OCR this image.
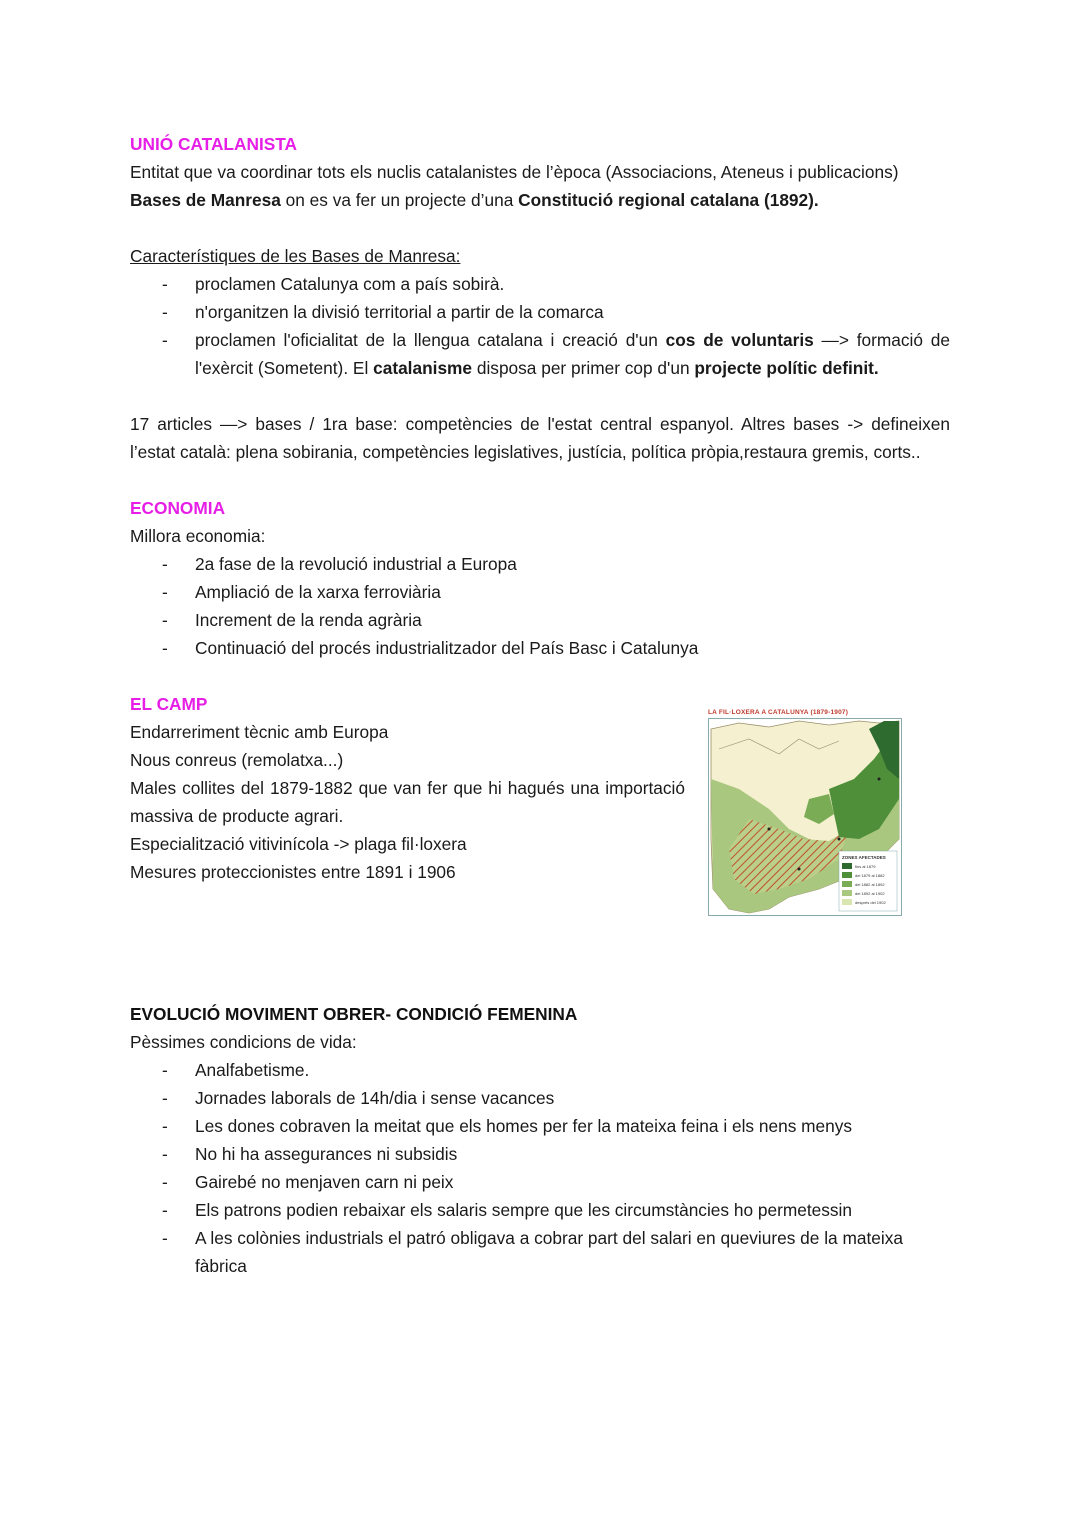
UNIÓ CATALANISTA

Entitat que va coordinar tots els nuclis catalanistes de l’època (Associacions, Ateneus i publicacions)

Bases de Manresa on es va fer un projecte d’una Constitució regional catalana (1892).

Característiques de les Bases de Manresa:

- proclamen Catalunya com a país sobirà.
- n'organitzen la divisió territorial a partir de la comarca
- proclamen l'oficialitat de la llengua catalana i creació d'un cos de voluntaris —> formació de l'exèrcit (Sometent). El catalanisme disposa per primer cop d'un projecte polític definit.

17 articles —> bases / 1ra base: competències de l'estat central espanyol. Altres bases -> defineixen l’estat català: plena sobirania, competències legislatives, justícia, política pròpia,restaura gremis, corts..

ECONOMIA

Millora economia:

- 2a fase de la revolució industrial a Europa
- Ampliació de la xarxa ferroviària
- Increment de la renda agrària
- Continuació del procés industrialitzador del País Basc i Catalunya

EL CAMP

Endarreriment tècnic amb Europa

Nous conreus (remolatxa...)

Males collites del 1879-1882 que van fer que hi hagués una importació massiva de producte agrari.

Especialització vitivinícola -> plaga fil·loxera

Mesures proteccionistes entre 1891 i 1906

LA FIL·LOXERA A CATALUNYA (1879-1907)
ZONES AFECTADES
fins al 1879
del 1879 al 1882
del 1882 al 1892
del 1892 al 1902
després del 1902

EVOLUCIÓ MOVIMENT OBRER- CONDICIÓ FEMENINA

Pèssimes condicions de vida:

- Analfabetisme.
- Jornades laborals de 14h/dia i sense vacances
- Les dones cobraven la meitat que els homes per fer la mateixa feina i els nens menys
- No hi ha assegurances ni subsidis
- Gairebé no menjaven carn ni peix
- Els patrons podien rebaixar els salaris sempre que les circumstàncies ho permetessin
- A les colònies industrials el patró obligava a cobrar part del salari en queviures de la mateixa fàbrica
